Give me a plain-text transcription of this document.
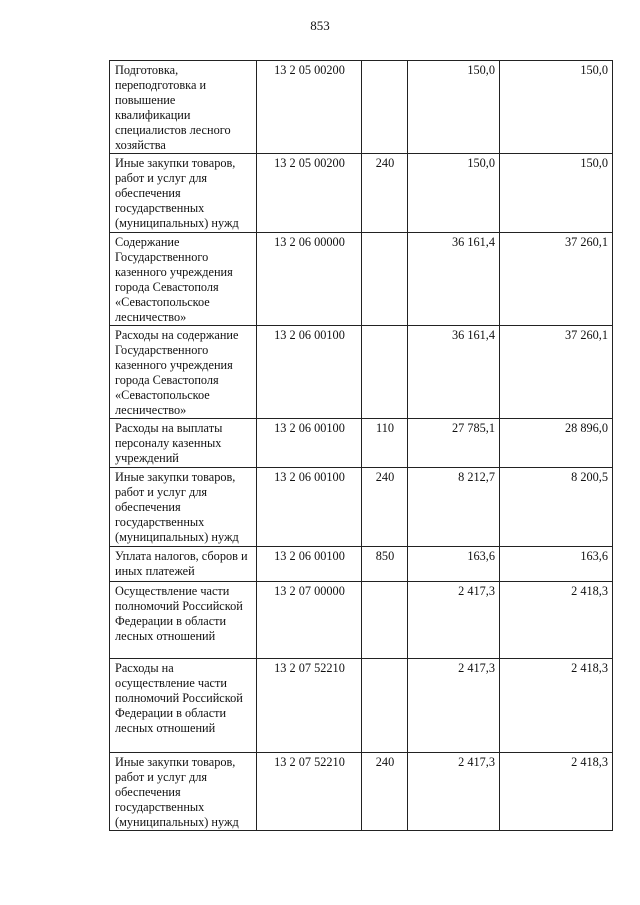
853
Подготовка, переподготовка и повышение квалификации специалистов лесного хозяйства	13 2 05 00200		150,0	150,0
Иные закупки товаров, работ и услуг для обеспечения государственных (муниципальных) нужд	13 2 05 00200	240	150,0	150,0
Содержание Государственного казенного учреждения города Севастополя «Севастопольское лесничество»	13 2 06 00000		36 161,4	37 260,1
Расходы на содержание Государственного казенного учреждения города Севастополя «Севастопольское лесничество»	13 2 06 00100		36 161,4	37 260,1
Расходы на выплаты персоналу казенных учреждений	13 2 06 00100	110	27 785,1	28 896,0
Иные закупки товаров, работ и услуг для обеспечения государственных (муниципальных) нужд	13 2 06 00100	240	8 212,7	8 200,5
Уплата налогов, сборов и иных платежей	13 2 06 00100	850	163,6	163,6
Осуществление части полномочий Российской Федерации в области лесных отношений	13 2 07 00000		2 417,3	2 418,3
Расходы на осуществление части полномочий Российской Федерации в области лесных отношений	13 2 07 52210		2 417,3	2 418,3
Иные закупки товаров, работ и услуг для обеспечения государственных (муниципальных) нужд	13 2 07 52210	240	2 417,3	2 418,3
